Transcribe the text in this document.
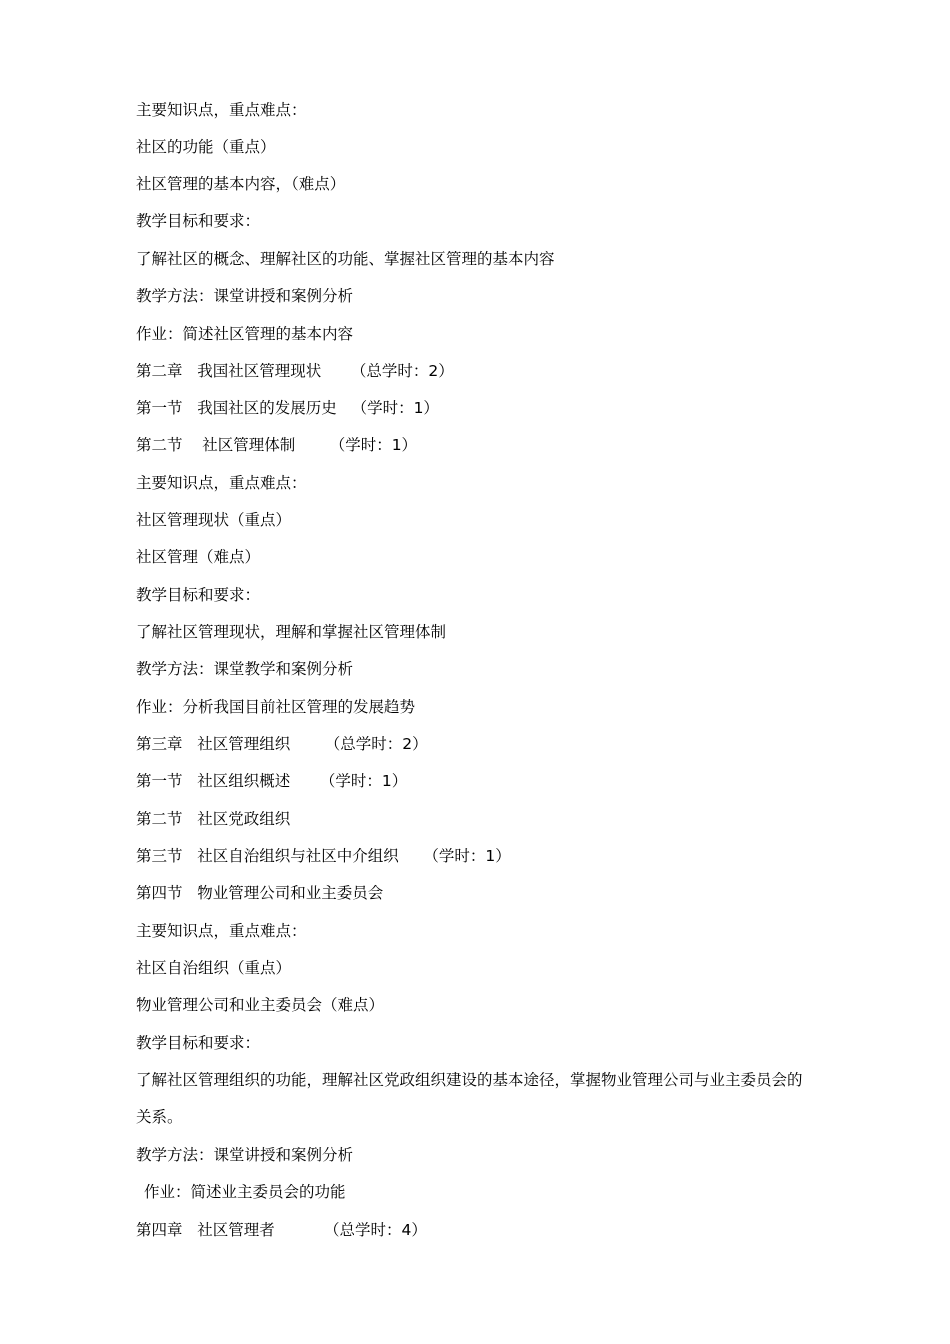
主要知识点，重点难点：
社区的功能（重点）
社区管理的基本内容，（难点）
教学目标和要求：
了解社区的概念、理解社区的功能、掌握社区管理的基本内容
教学方法：课堂讲授和案例分析
作业：简述社区管理的基本内容
第二章   我国社区管理现状      （总学时：2）
第一节   我国社区的发展历史   （学时：1）
第二节    社区管理体制       （学时：1）
主要知识点，重点难点：
社区管理现状（重点）
社区管理（难点）
教学目标和要求：
了解社区管理现状，理解和掌握社区管理体制
教学方法：课堂教学和案例分析
作业：分析我国目前社区管理的发展趋势
第三章   社区管理组织       （总学时：2）
第一节   社区组织概述      （学时：1）
第二节   社区党政组织
第三节   社区自治组织与社区中介组织     （学时：1）
第四节   物业管理公司和业主委员会
主要知识点，重点难点：
社区自治组织（重点）
物业管理公司和业主委员会（难点）
教学目标和要求：
了解社区管理组织的功能，理解社区党政组织建设的基本途径，掌握物业管理公司与业主委员会的
关系。
教学方法：课堂讲授和案例分析
作业：简述业主委员会的功能
第四章   社区管理者          （总学时：4）
